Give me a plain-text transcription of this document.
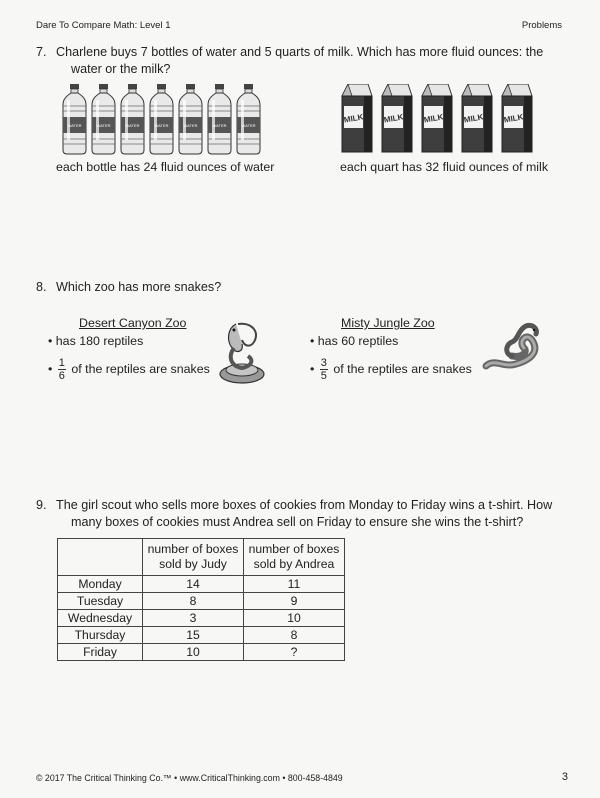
Dare To Compare Math: Level 1	Problems
7. Charlene buys 7 bottles of water and 5 quarts of milk. Which has more fluid ounces: the
water or the milk?
WATER	WATER	WATER	WATER	WATER	WATER	WATER
each bottle has 24 fluid ounces of water
MILK MILK MILK MILK MILK
each quart has 32 fluid ounces of milk
8. Which zoo has more snakes?
Desert Canyon Zoo
• has 180 reptiles
• $\frac{1}{6}$ of the reptiles are snakes
Misty Jungle Zoo
• has 60 reptiles
• $\frac{3}{5}$ of the reptiles are snakes
9. The girl scout who sells more boxes of cookies from Monday to Friday wins a t-shirt. How
many boxes of cookies must Andrea sell on Friday to ensure she wins the t-shirt?
	number of boxes
sold by Judy	number of boxes
sold by Andrea
Monday	14	11
Tuesday	8	9
Wednesday	3	10
Thursday	15	8
Friday	10	?
© 2017 The Critical Thinking Co.™ • www.CriticalThinking.com • 800-458-4849	3
